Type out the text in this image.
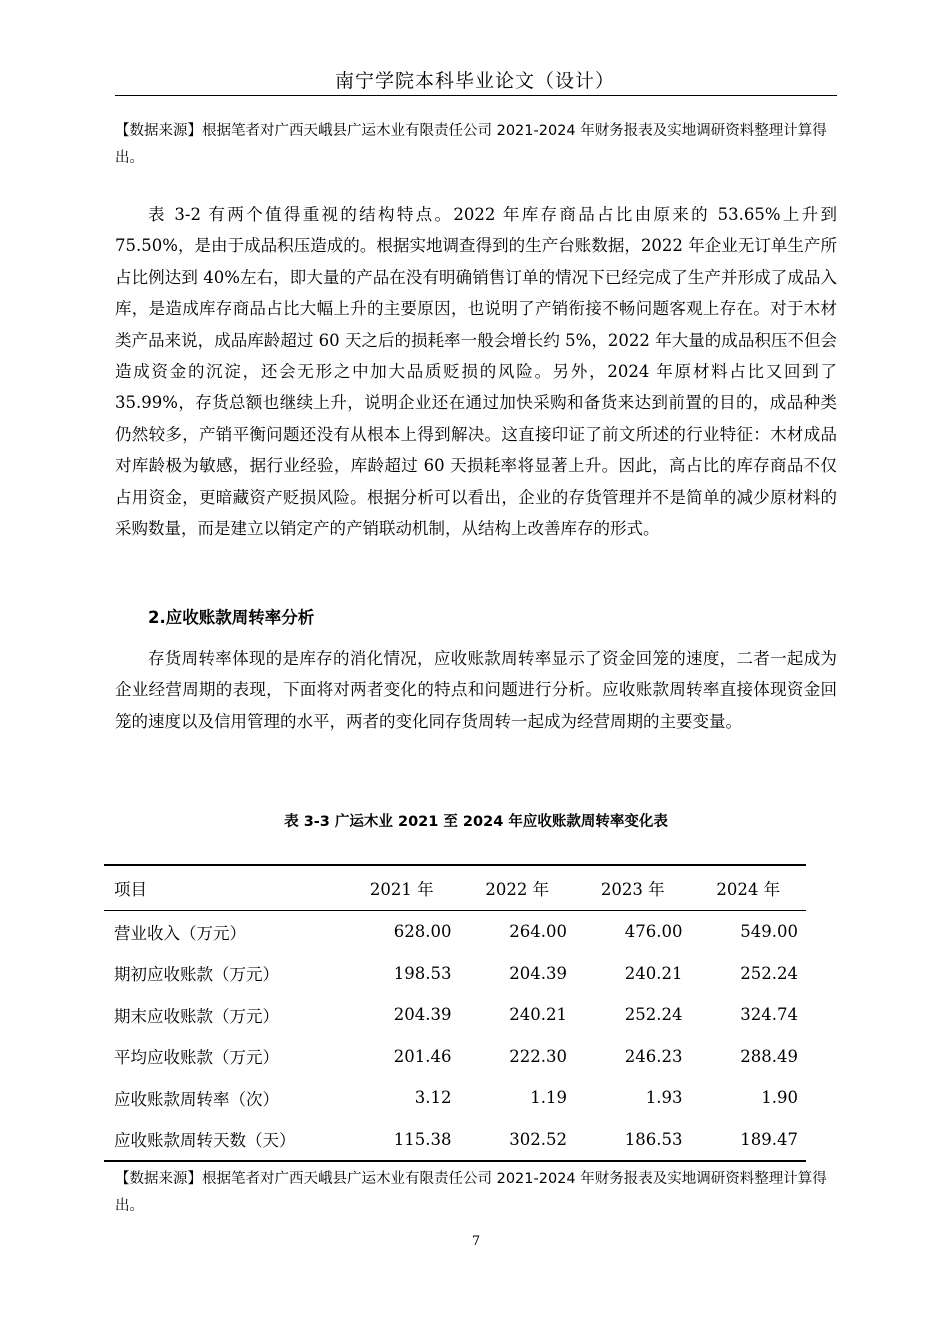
南宁学院本科毕业论文（设计）
【数据来源】根据笔者对广西天峨县广运木业有限责任公司 2021-2024 年财务报表及实地调研资料整理计算得出。

表 3-2 有两个值得重视的结构特点。2022 年库存商品占比由原来的 53.65%上升到 75.50%，是由于成品积压造成的。根据实地调查得到的生产台账数据，2022 年企业无订单生产所占比例达到 40%左右，即大量的产品在没有明确销售订单的情况下已经完成了生产并形成了成品入库，是造成库存商品占比大幅上升的主要原因，也说明了产销衔接不畅问题客观上存在。对于木材类产品来说，成品库龄超过 60 天之后的损耗率一般会增长约 5%，2022 年大量的成品积压不但会造成资金的沉淀，还会无形之中加大品质贬损的风险。另外，2024 年原材料占比又回到了 35.99%，存货总额也继续上升，说明企业还在通过加快采购和备货来达到前置的目的，成品种类仍然较多，产销平衡问题还没有从根本上得到解决。这直接印证了前文所述的行业特征：木材成品对库龄极为敏感，据行业经验，库龄超过 60 天损耗率将显著上升。因此，高占比的库存商品不仅占用资金，更暗藏资产贬损风险。根据分析可以看出，企业的存货管理并不是简单的减少原材料的采购数量，而是建立以销定产的产销联动机制，从结构上改善库存的形式。

2.应收账款周转率分析

存货周转率体现的是库存的消化情况，应收账款周转率显示了资金回笼的速度，二者一起成为企业经营周期的表现，下面将对两者变化的特点和问题进行分析。应收账款周转率直接体现资金回笼的速度以及信用管理的水平，两者的变化同存货周转一起成为经营周期的主要变量。

表 3-3 广运木业 2021 至 2024 年应收账款周转率变化表
项目	2021 年	2022 年	2023 年	2024 年
营业收入（万元）	628.00	264.00	476.00	549.00
期初应收账款（万元）	198.53	204.39	240.21	252.24
期末应收账款（万元）	204.39	240.21	252.24	324.74
平均应收账款（万元）	201.46	222.30	246.23	288.49
应收账款周转率（次）	3.12	1.19	1.93	1.90
应收账款周转天数（天）	115.38	302.52	186.53	189.47
【数据来源】根据笔者对广西天峨县广运木业有限责任公司 2021-2024 年财务报表及实地调研资料整理计算得出。
7
